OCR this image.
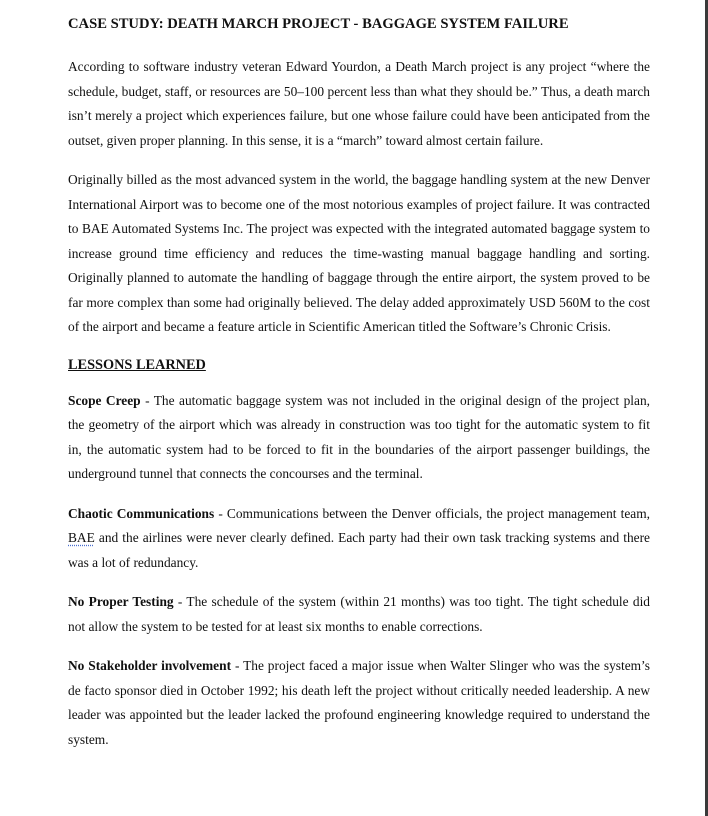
CASE STUDY: DEATH MARCH PROJECT - BAGGAGE SYSTEM FAILURE

According to software industry veteran Edward Yourdon, a Death March project is any project “where the schedule, budget, staff, or resources are 50–100 percent less than what they should be.” Thus, a death march isn’t merely a project which experiences failure, but one whose failure could have been anticipated from the outset, given proper planning. In this sense, it is a “march” toward almost certain failure.

Originally billed as the most advanced system in the world, the baggage handling system at the new Denver International Airport was to become one of the most notorious examples of project failure. It was contracted to BAE Automated Systems Inc. The project was expected with the integrated automated baggage system to increase ground time efficiency and reduces the time-wasting manual baggage handling and sorting. Originally planned to automate the handling of baggage through the entire airport, the system proved to be far more complex than some had originally believed. The delay added approximately USD 560M to the cost of the airport and became a feature article in Scientific American titled the Software’s Chronic Crisis.

LESSONS LEARNED

Scope Creep - The automatic baggage system was not included in the original design of the project plan, the geometry of the airport which was already in construction was too tight for the automatic system to fit in, the automatic system had to be forced to fit in the boundaries of the airport passenger buildings, the underground tunnel that connects the concourses and the terminal.

Chaotic Communications - Communications between the Denver officials, the project management team, BAE and the airlines were never clearly defined. Each party had their own task tracking systems and there was a lot of redundancy.

No Proper Testing - The schedule of the system (within 21 months) was too tight. The tight schedule did not allow the system to be tested for at least six months to enable corrections.

No Stakeholder involvement - The project faced a major issue when Walter Slinger who was the system’s de facto sponsor died in October 1992; his death left the project without critically needed leadership. A new leader was appointed but the leader lacked the profound engineering knowledge required to understand the system.
